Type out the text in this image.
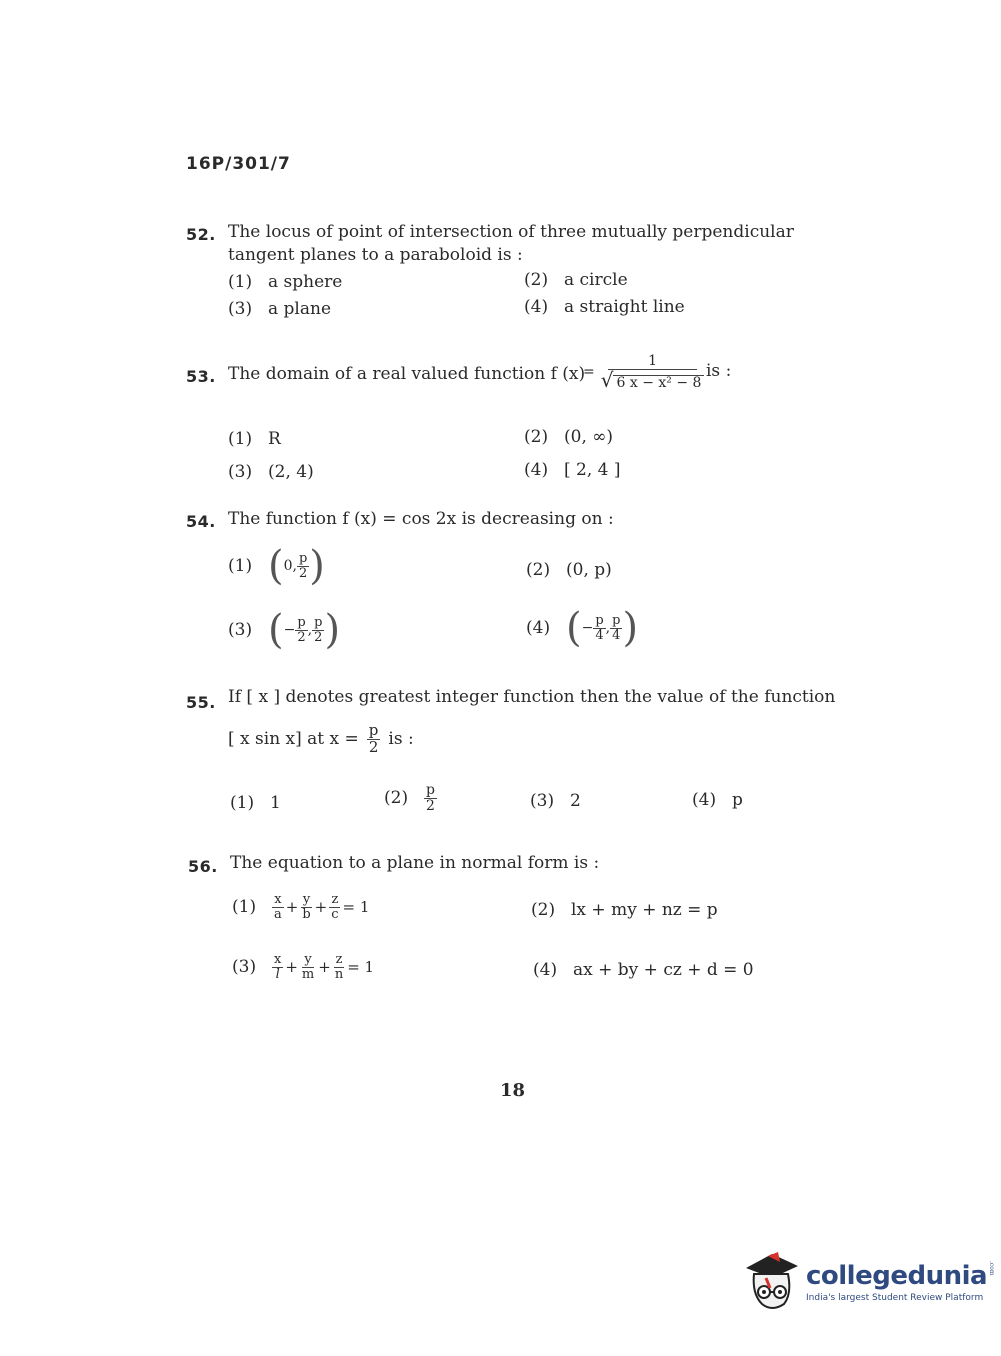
16P/301/7
52. The locus of point of intersection of three mutually perpendicular
tangent planes to a paraboloid is :
(1) a sphere	(2) a circle
(3) a plane	(4) a straight line
53. The domain of a real valued function f (x)
= $\frac{1}{\text{√ 6 x − x² − 8}}$ is :
(1) R	(2) (0, ∞)
(3) (2, 4)	(4) [ 2, 4 ]
54. The function f (x) = cos 2x is decreasing on :
(1) ( 0, $\frac{p}{2}$ )	(2) (0, p)
(3) ( − $\frac{p}{2}$ , $\frac{p}{2}$ )	(4) ( − $\frac{p}{4}$ , $\frac{p}{4}$ )
55. If [ x ] denotes greatest integer function then the value of the function
[ x sin x] at $x = \frac{p}{2}$ is :
(1) 1	(2)	$\frac{p}{2}$	(3) 2	(4) p
56. The equation to a plane in normal form is :
(1)	$\frac{x}{a} + \frac{y}{b} + \frac{z}{c} = 1$	(2) lx + my + nz = p
(3)	$\frac{x}{l} + \frac{y}{m} + \frac{z}{n} = 1$	(4) ax + by + cz + d = 0
18
collegedunia .com
India's largest Student Review Platform
